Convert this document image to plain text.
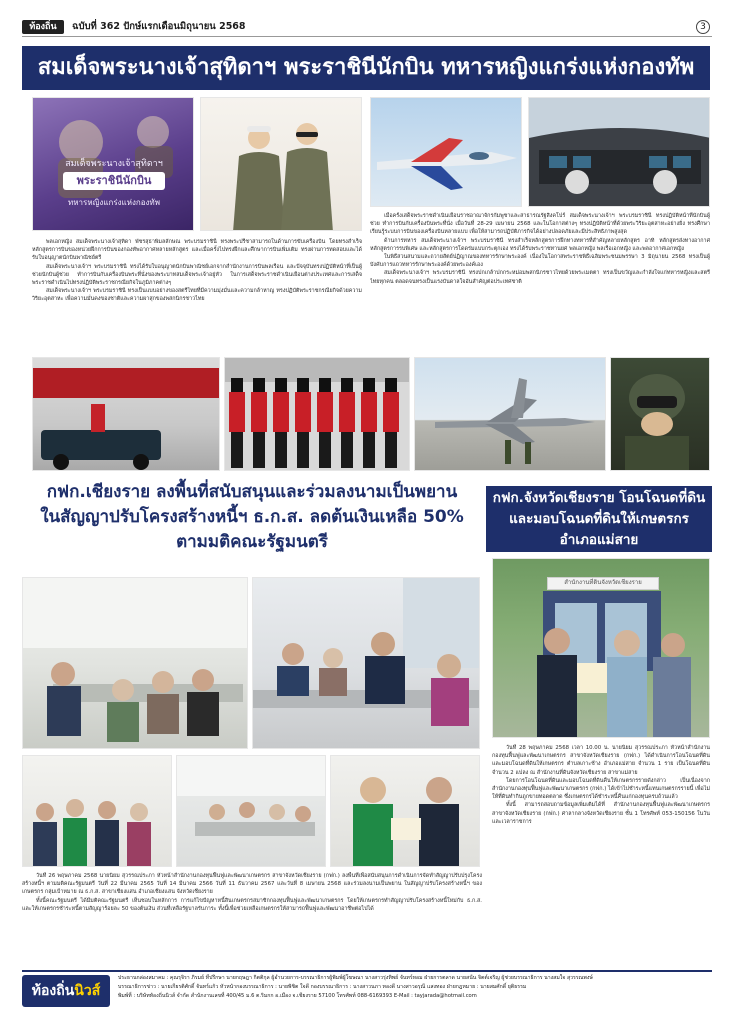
ท้องถิ่น	ฉบับที่ 362 ปักษ์แรกเดือนมิถุนายน 2568	3
สมเด็จพระนางเจ้าสุทิดาฯ พระราชินีนักบิน ทหารหญิงแกร่งแห่งกองทัพ
สมเด็จพระนางเจ้าสุทิดาฯ
พระราชินีนักบิน
ทหารหญิงแกร่งแห่งกองทัพ

พลเอกหญิง สมเด็จพระนางเจ้าสุทิดา พัชรสุธาพิมลลักษณ พระบรมราชินี ทรงพระปรีชาสามารถในด้านการขับเครื่องบิน โดยทรงสำเร็จหลักสูตรการบินของหน่วยฝึกการบินของกองทัพอากาศหลายหลักสูตร และเมื่อครั้งไปทรงฝึกและศึกษาการบินเพิ่มเติม ทรงผ่านการทดสอบและได้รับใบอนุญาตนักบินพาณิชย์ตรี

สมเด็จพระนางเจ้าฯ พระบรมราชินี ทรงได้รับใบอนุญาตนักบินพาณิชย์เอกจากสำนักงานการบินพลเรือน และปัจจุบันทรงปฏิบัติหน้าที่เป็นผู้ช่วยนักบินผู้ช่วย ทำการบินกับเครื่องบินพระที่นั่งของพระบาทสมเด็จพระเจ้าอยู่หัว ในการเสด็จพระราชดำเนินเยือนต่างประเทศและการเสด็จพระราชดำเนินไปทรงปฏิบัติพระราชกรณียกิจในภูมิภาคต่างๆ

สมเด็จพระนางเจ้าฯ พระบรมราชินี ทรงเป็นแบบอย่างของสตรีไทยที่มีความมุ่งมั่นและความกล้าหาญ ทรงปฏิบัติพระราชกรณียกิจด้วยความวิริยะอุตสาหะ เพื่อความมั่นคงของชาติและความผาสุกของพสกนิกรชาวไทย

เมื่อครั้งเสด็จพระราชดำเนินเยือนราชอาณาจักรกัมพูชาและสาธารณรัฐสิงคโปร์ สมเด็จพระนางเจ้าฯ พระบรมราชินี ทรงปฏิบัติหน้าที่นักบินผู้ช่วย ทำการบินกับเครื่องบินพระที่นั่ง เมื่อวันที่ 28-29 เมษายน 2568 และในโอกาสต่างๆ ทรงปฏิบัติหน้าที่ด้วยพระวิริยะอุตสาหะอย่างยิ่ง ทรงศึกษาเรียนรู้ระบบการบินของเครื่องบินหลายแบบ เพื่อให้สามารถปฏิบัติภารกิจได้อย่างปลอดภัยและมีประสิทธิภาพสูงสุด

ด้านการทหาร สมเด็จพระนางเจ้าฯ พระบรมราชินี ทรงสำเร็จหลักสูตรการฝึกทางทหารที่สำคัญหลายหลักสูตร อาทิ หลักสูตรส่งทางอากาศ หลักสูตรการรบพิเศษ และหลักสูตรการโดดร่มแบบกระตุกเอง ทรงได้รับพระราชทานยศ พลเอกหญิง พลเรือเอกหญิง และพลอากาศเอกหญิง

ในพิธีสวนสนามและถวายสัตย์ปฏิญาณของทหารรักษาพระองค์ เนื่องในโอกาสพระราชพิธีเฉลิมพระชนมพรรษา 3 มิถุนายน 2568 ทรงเป็นผู้บังคับการแถวทหารรักษาพระองค์ด้วยพระองค์เอง

สมเด็จพระนางเจ้าฯ พระบรมราชินี ทรงปกเกล้าปกกระหม่อมพสกนิกรชาวไทยด้วยพระเมตตา ทรงเป็นขวัญและกำลังใจแก่ทหารหญิงและสตรีไทยทุกคน ตลอดจนทรงเป็นแรงบันดาลใจอันสำคัญต่อประเทศชาติ

กฟก.เชียงราย ลงพื้นที่สนับสนุนและร่วมลงนามเป็นพยาน
ในสัญญาปรับโครงสร้างหนี้ฯ ธ.ก.ส. ลดต้นเงินเหลือ 50%
ตามมติคณะรัฐมนตรี

วันที่ 26 พฤษภาคม 2568 นายนิยม สุวรรณประภา หัวหน้าสำนักงานกองทุนฟื้นฟูและพัฒนาเกษตรกร สาขาจังหวัดเชียงราย (กฟก.) ลงพื้นที่เพื่อสนับสนุนการดำเนินการจัดทำสัญญาปรับปรุงโครงสร้างหนี้ฯ ตามมติคณะรัฐมนตรี วันที่ 22 มีนาคม 2565 วันที่ 14 มีนาคม 2566 วันที่ 11 ธันวาคม 2567 และวันที่ 8 เมษายน 2568 และร่วมลงนามเป็นพยาน ในสัญญาปรับโครงสร้างหนี้ฯ ของเกษตรกร กลุ่มเป้าหมาย ณ ธ.ก.ส. สาขาเชียงแสน อำเภอเชียงแสน จังหวัดเชียงราย

ทั้งนี้คณะรัฐมนตรี ได้มีมติคณะรัฐมนตรี เห็นชอบในหลักการ การแก้ไขปัญหาหนี้สินเกษตรกรสมาชิกกองทุนฟื้นฟูและพัฒนาเกษตรกร โดยให้เกษตรกรทำสัญญาปรับโครงสร้างหนี้ใหม่กับ ธ.ก.ส. และให้เกษตรกรชำระหนี้ตามสัญญาร้อยละ 50 ของต้นเงิน ส่วนที่เหลือรัฐบาลรับภาระ ทั้งนี้เพื่อช่วยเหลือเกษตรกรให้สามารถฟื้นฟูและพัฒนาอาชีพต่อไปได้

กฟก.จังหวัดเชียงราย โอนโฉนดที่ดิน
และมอบโฉนดที่ดินให้เกษตรกร
อำเภอแม่สาย
สำนักงานที่ดินจังหวัดเชียงราย

วันที่ 28 พฤษภาคม 2568 เวลา 10.00 น. นายนิยม สุวรรณประภา หัวหน้าสำนักงานกองทุนฟื้นฟูและพัฒนาเกษตรกร สาขาจังหวัดเชียงราย (กฟก.) ได้ดำเนินการโอนโฉนดที่ดินและมอบโฉนดที่ดินให้เกษตรกร ตำบลเกาะช้าง อำเภอแม่สาย จำนวน 1 ราย เป็นโฉนดที่ดิน จำนวน 2 แปลง ณ สำนักงานที่ดินจังหวัดเชียงราย สาขาแม่สาย

โดยการโอนโฉนดที่ดินและมอบโฉนดที่ดินคืนให้เกษตรกรรายดังกล่าว เป็นเนื่องจากสำนักงานกองทุนฟื้นฟูและพัฒนาเกษตรกร (กฟก.) ได้เข้าไปชำระหนี้แทนเกษตรกรรายนี้ เพื่อไม่ให้ที่ดินทำกินถูกขายทอดตลาด ซึ่งเกษตรกรได้ชำระหนี้คืนแก่กองทุนครบถ้วนแล้ว

ทั้งนี้ สามารถสอบถามข้อมูลเพิ่มเติมได้ที่ สำนักงานกองทุนฟื้นฟูและพัฒนาเกษตรกร สาขาจังหวัดเชียงราย (กฟก.) ศาลากลางจังหวัดเชียงราย ชั้น 1 โทรศัพท์ 053-150156 ในวันและเวลาราชการ

ท้องถิ่นนิวส์
ประธานกล่องสมาคม : คุณรุจิรา ภิรมย์ ที่ปรึกษา นายกฤษฎา กิตติกุล ผู้อำนวยการ-บรรณาธิการผู้พิมพ์ผู้โฆษณา นางสาวรุ่งทิพย์ จันทร์หอม ฝ่ายการตลาด นายสนั่น จิตต์เจริญ ผู้ช่วยบรรณาธิการ นางสมใจ สุวรรณพงษ์
บรรณาธิการข่าว : นายเกียรติศักดิ์ จันทร์แก้ว หัวหน้ากองบรรณาธิการ : นายพิชิต ใจดี กองบรรณาธิการ : นางสาวนภา ทองดี นางสาวอรุณี แสงทอง ฝ่ายกฎหมาย : นายสมศักดิ์ ยุติธรรม
พิมพ์ที่ : บริษัทท้องถิ่นนิวส์ จำกัด สำนักงานเลขที่ 400/45 ม.6 ต.ริมกก อ.เมือง จ.เชียงราย 57100 โทรศัพท์ 088-6169393 E-Mail : tayjarada@hotmail.com
